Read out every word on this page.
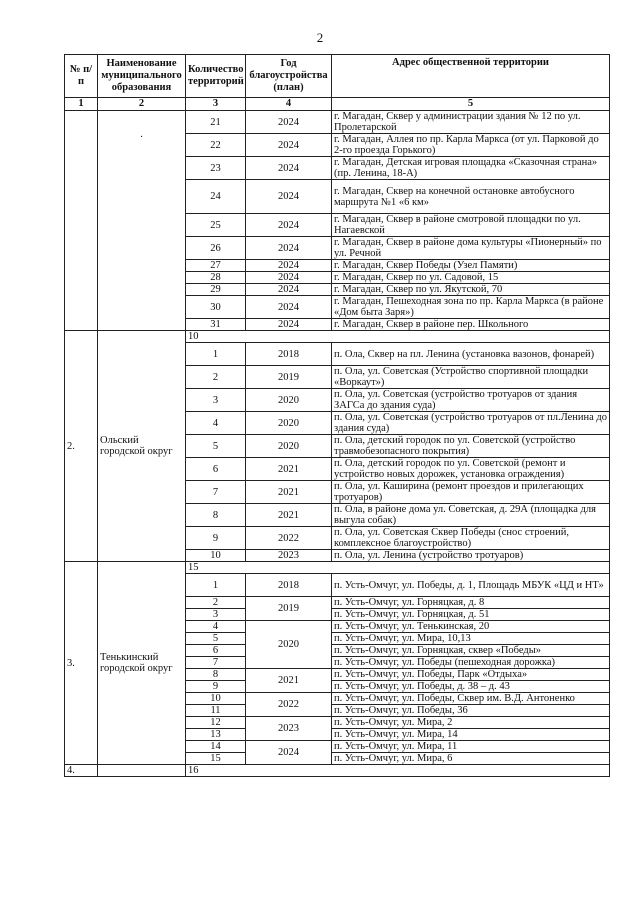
2
№ п/п	Наименование муниципального образования	Количество территорий	Год благоустройства (план)	Адрес общественной территории
1	2	3	4	5
	.	21	2024	г. Магадан, Сквер у администрации здания № 12 по ул. Пролетарской
		22	2024	г. Магадан, Аллея по пр. Карла Маркса (от ул. Парковой до 2-го проезда Горького)
		23	2024	г. Магадан, Детская игровая площадка «Сказочная страна» (пр. Ленина, 18-А)
		24	2024	г. Магадан, Сквер на конечной остановке автобусного маршрута №1 «6 км»
		25	2024	г. Магадан, Сквер в районе смотровой площадки по ул. Нагаевской
		26	2024	г. Магадан, Сквер в районе дома культуры «Пионерный» по ул. Речной
		27	2024	г. Магадан, Сквер Победы (Узел Памяти)
		28	2024	г. Магадан, Сквер по ул. Садовой, 15
		29	2024	г. Магадан, Сквер по ул. Якутской, 70
		30	2024	г. Магадан, Пешеходная зона по пр. Карла Маркса (в районе «Дом быта Заря»)
		31	2024	г. Магадан, Сквер в районе пер. Школьного
2.	Ольский городской округ	10		
		1	2018	п. Ола, Сквер на пл. Ленина (установка вазонов, фонарей)
		2	2019	п. Ола, ул. Советская (Устройство спортивной площадки «Воркаут»)
		3	2020	п. Ола, ул. Советская (устройство тротуаров от здания ЗАГСа до здания суда)
		4	2020	п. Ола, ул. Советская (устройство тротуаров от пл.Ленина до здания суда)
		5	2020	п. Ола, детский городок по ул. Советской (устройство травмобезопасного покрытия)
		6	2021	п. Ола, детский городок по ул. Советской (ремонт и устройство новых дорожек, установка ограждения)
		7	2021	п. Ола, ул. Каширина (ремонт проездов и прилегающих тротуаров)
		8	2021	п. Ола, в районе дома ул. Советская, д. 29А (площадка для выгула собак)
		9	2022	п. Ола, ул. Советская Сквер Победы (снос строений, комплексное благоустройство)
		10	2023	п. Ола, ул. Ленина (устройство тротуаров)
3.	Тенькинский городской округ	15		
		1	2018	п. Усть-Омчуг, ул. Победы, д. 1, Площадь МБУК «ЦД и НТ»
		2	2019	п. Усть-Омчуг, ул. Горняцкая, д. 8
		3		п. Усть-Омчуг, ул. Горняцкая, д. 51
		4	2020	п. Усть-Омчуг, ул. Тенькинская, 20
		5		п. Усть-Омчуг, ул. Мира, 10,13
		6		п. Усть-Омчуг, ул. Горняцкая, сквер «Победы»
		7		п. Усть-Омчуг, ул. Победы (пешеходная дорожка)
		8	2021	п. Усть-Омчуг, ул. Победы, Парк «Отдыха»
		9		п. Усть-Омчуг, ул. Победы, д. 38 – д. 43
		10	2022	п. Усть-Омчуг, ул. Победы, Сквер им. В.Д. Антоненко
		11		п. Усть-Омчуг, ул. Победы, 36
		12	2023	п. Усть-Омчуг, ул. Мира, 2
		13		п. Усть-Омчуг, ул. Мира, 14
		14	2024	п. Усть-Омчуг, ул. Мира, 11
		15		п. Усть-Омчуг, ул. Мира, 6
4.		16		
